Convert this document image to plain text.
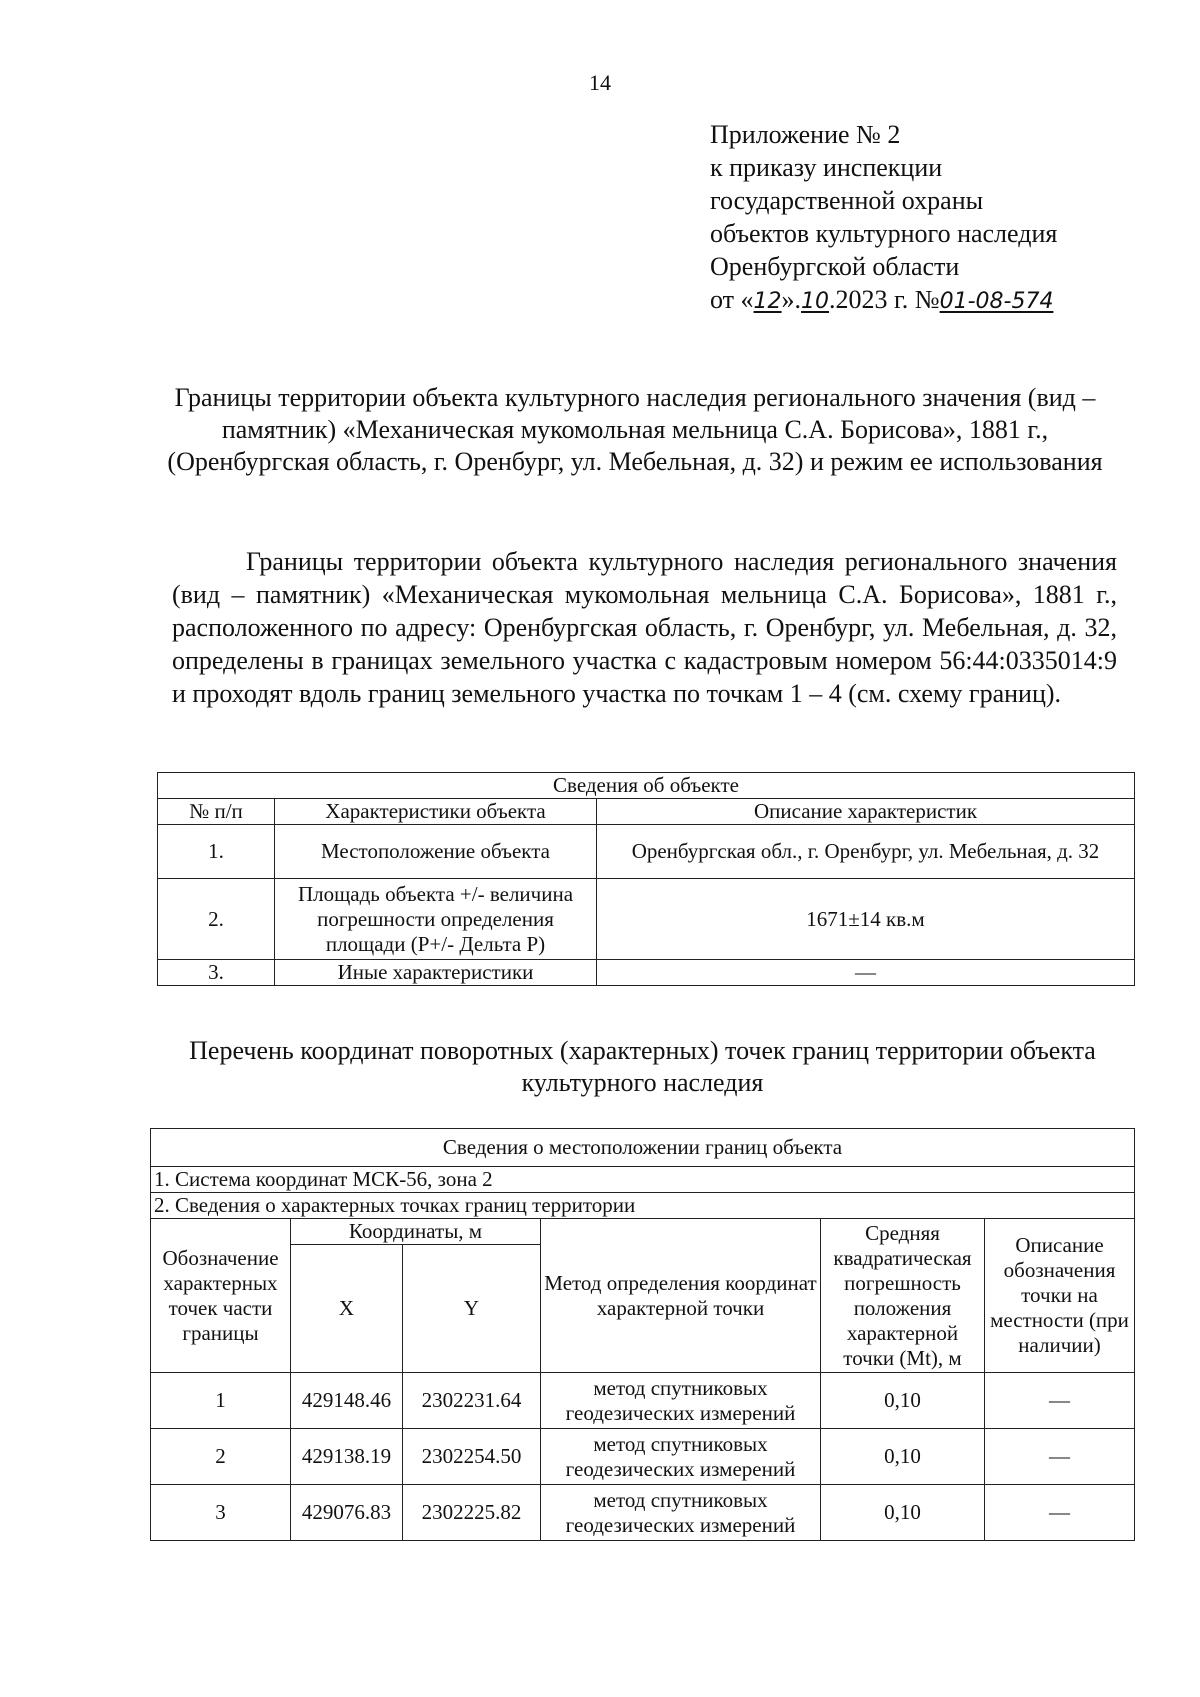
14
Приложение № 2
к приказу инспекции
государственной охраны
объектов культурного наследия
Оренбургской области
от «12».10.2023 г. №01-08-574
Границы территории объекта культурного наследия регионального значения (вид – памятник) «Механическая мукомольная мельница С.А. Борисова», 1881 г., (Оренбургская область, г. Оренбург, ул. Мебельная, д. 32) и режим ее использования
Границы территории объекта культурного наследия регионального значения (вид – памятник) «Механическая мукомольная мельница С.А. Борисова», 1881 г., расположенного по адресу: Оренбургская область, г. Оренбург, ул. Мебельная, д. 32, определены в границах земельного участка с кадастровым номером 56:44:0335014:9 и проходят вдоль границ земельного участка по точкам 1 – 4 (см. схему границ).
Сведения об объекте		
№ п/п	Характеристики объекта	Описание характеристик
1.	Местоположение объекта	Оренбургская обл., г. Оренбург, ул. Мебельная, д. 32
2.	Площадь объекта +/- величина погрешности определения площади (Р+/- Дельта Р)	1671±14 кв.м
3.	Иные характеристики	—
Перечень координат поворотных (характерных) точек границ территории объекта культурного наследия
Сведения о местоположении границ объекта					
1. Система координат МСК-56, зона 2					
2. Сведения о характерных точках границ территории					
Обозначение характерных точек части границы	Координаты, м		Метод определения координат характерной точки	Средняя квадратическая погрешность положения характерной точки (Mt), м	Описание обозначения точки на местности (при наличии)
	X	Y			
1	429148.46	2302231.64	метод спутниковых геодезических измерений	0,10	—
2	429138.19	2302254.50	метод спутниковых геодезических измерений	0,10	—
3	429076.83	2302225.82	метод спутниковых геодезических измерений	0,10	—
